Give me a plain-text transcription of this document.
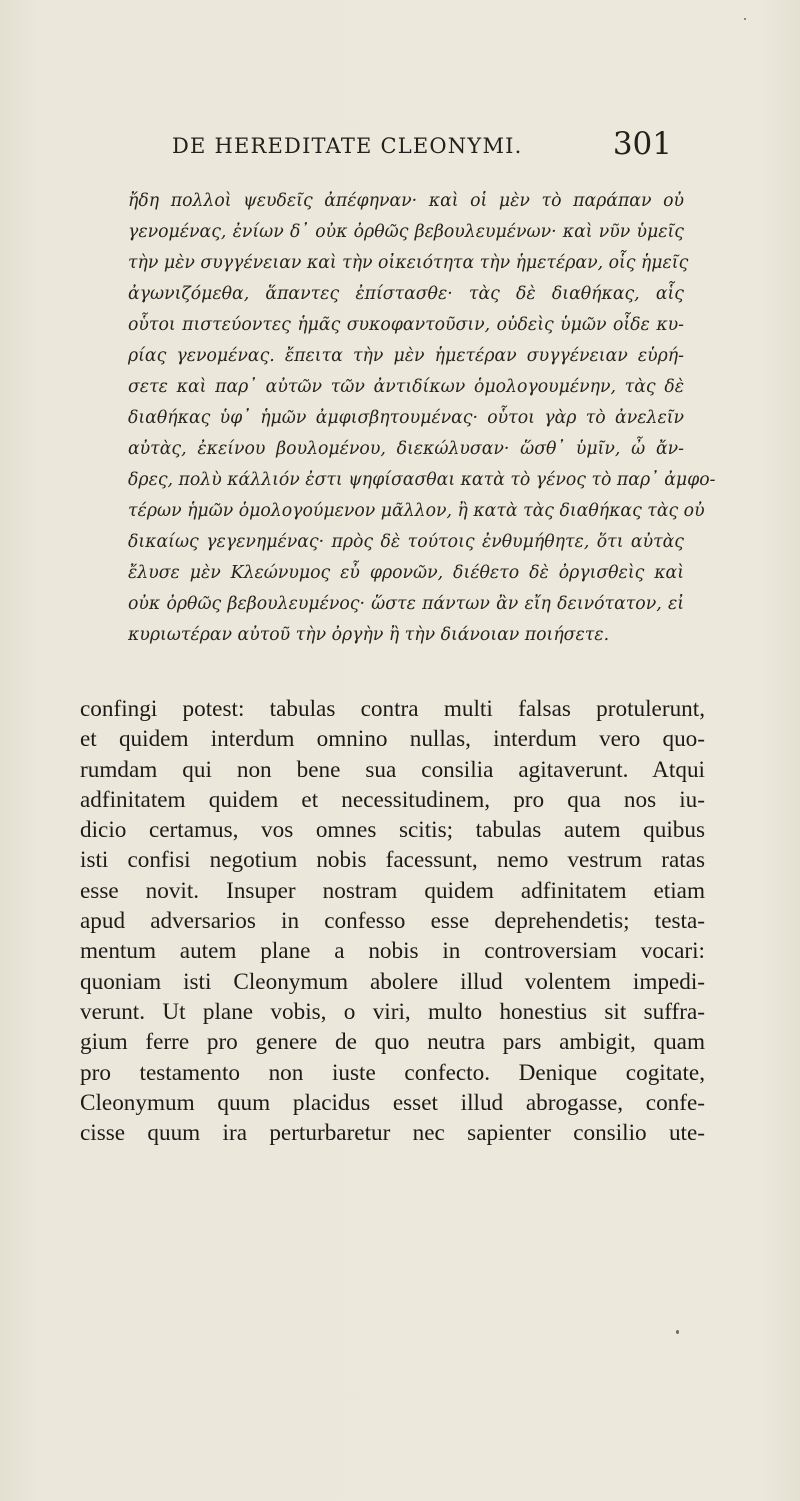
DE HEREDITATE CLEONYMI.	301
ἤδη πολλοὶ ψευδεῖς ἀπέφηναν· καὶ οἱ μὲν τὸ παράπαν οὐ
γενομένας, ἐνίων δ᾽ οὐκ ὀρθῶς βεβουλευμένων· καὶ νῦν ὑμεῖς
τὴν μὲν συγγένειαν καὶ τὴν οἰκειότητα τὴν ἡμετέραν, οἷς ἡμεῖς
ἀγωνιζόμεθα, ἅπαντες ἐπίστασθε· τὰς δὲ διαθήκας, αἷς
οὗτοι πιστεύοντες ἡμᾶς συκοφαντοῦσιν, οὐδεὶς ὑμῶν οἶδε κυ-
ρίας γενομένας. ἔπειτα τὴν μὲν ἡμετέραν συγγένειαν εὑρή-
σετε καὶ παρ᾽ αὐτῶν τῶν ἀντιδίκων ὁμολογουμένην, τὰς δὲ
διαθήκας ὑφ᾽ ἡμῶν ἀμφισβητουμένας· οὗτοι γὰρ τὸ ἀνελεῖν
αὐτὰς, ἐκείνου βουλομένου, διεκώλυσαν· ὥσθ᾽ ὑμῖν, ὦ ἄν-
δρες, πολὺ κάλλιόν ἐστι ψηφίσασθαι κατὰ τὸ γένος τὸ παρ᾽ ἀμφο-
τέρων ἡμῶν ὁμολογούμενον μᾶλλον, ἢ κατὰ τὰς διαθήκας τὰς οὐ
δικαίως γεγενημένας· πρὸς δὲ τούτοις ἐνθυμήθητε, ὅτι αὐτὰς
ἔλυσε μὲν Κλεώνυμος εὖ φρονῶν, διέθετο δὲ ὀργισθεὶς καὶ
οὐκ ὀρθῶς βεβουλευμένος· ὥστε πάντων ἂν εἴη δεινότατον, εἰ
κυριωτέραν αὐτοῦ τὴν ὀργὴν ἢ τὴν διάνοιαν ποιήσετε.
confingi potest: tabulas contra multi falsas protulerunt,
et quidem interdum omnino nullas, interdum vero quo-
rumdam qui non bene sua consilia agitaverunt. Atqui
adfinitatem quidem et necessitudinem, pro qua nos iu-
dicio certamus, vos omnes scitis; tabulas autem quibus
isti confisi negotium nobis facessunt, nemo vestrum ratas
esse novit. Insuper nostram quidem adfinitatem etiam
apud adversarios in confesso esse deprehendetis; testa-
mentum autem plane a nobis in controversiam vocari:
quoniam isti Cleonymum abolere illud volentem impedi-
verunt. Ut plane vobis, o viri, multo honestius sit suffra-
gium ferre pro genere de quo neutra pars ambigit, quam
pro testamento non iuste confecto. Denique cogitate,
Cleonymum quum placidus esset illud abrogasse, confe-
cisse quum ira perturbaretur nec sapienter consilio ute-
